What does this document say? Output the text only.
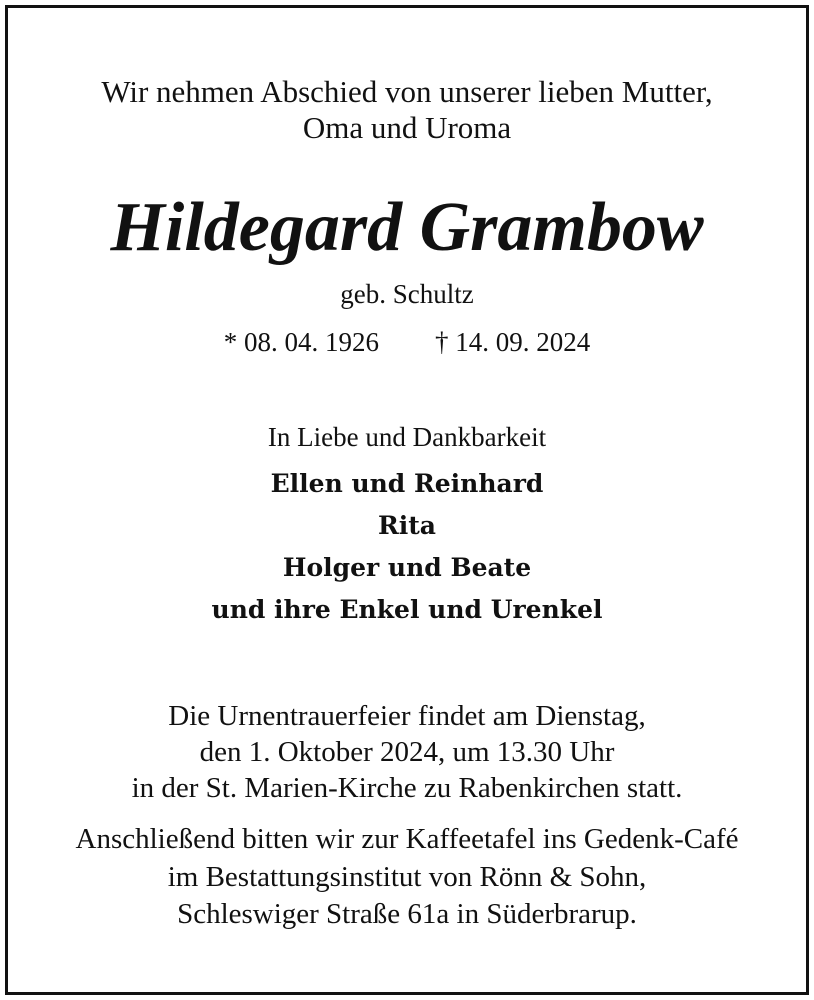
Wir nehmen Abschied von unserer lieben Mutter,
Oma und Uroma
Hildegard Grambow
geb. Schultz
* 08. 04. 1926 † 14. 09. 2024
In Liebe und Dankbarkeit
Ellen und Reinhard
Rita
Holger und Beate
und ihre Enkel und Urenkel
Die Urnentrauerfeier findet am Dienstag,
den 1. Oktober 2024, um 13.30 Uhr
in der St. Marien-Kirche zu Rabenkirchen statt.
Anschließend bitten wir zur Kaffeetafel ins Gedenk-Café
im Bestattungsinstitut von Rönn & Sohn,
Schleswiger Straße 61a in Süderbrarup.
